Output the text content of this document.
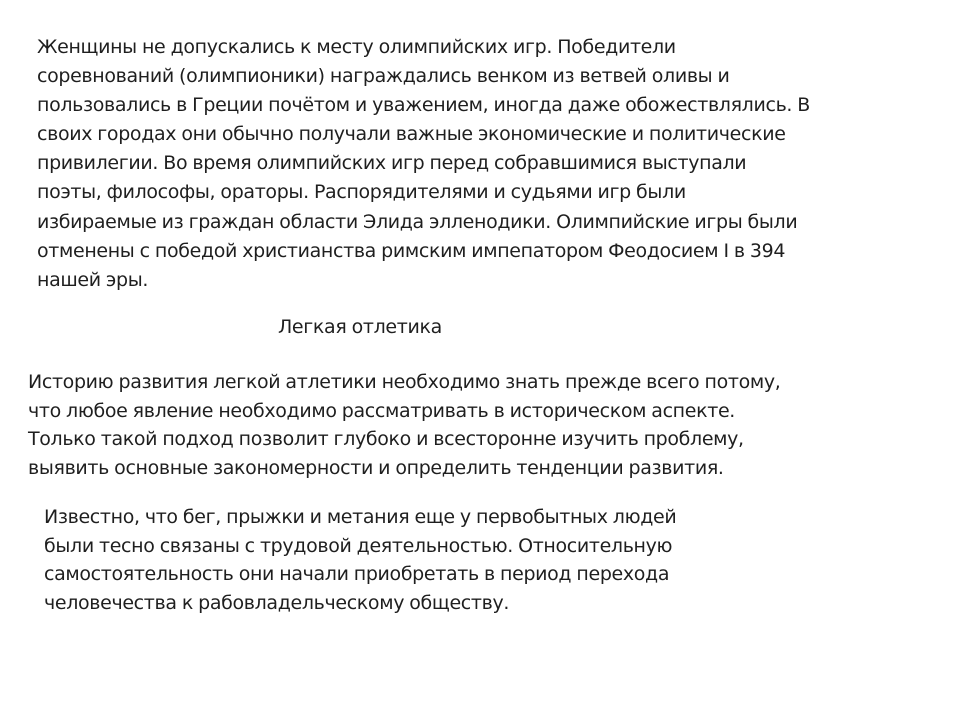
Женщины не допускались к месту олимпийских игр. Победители
соревнований (олимпионики) награждались венком из ветвей оливы и
пользовались в Греции почётом и уважением, иногда даже обожествлялись. В
своих городах они обычно получали важные экономические и политические
привилегии. Во время олимпийских игр перед собравшимися выступали
поэты, философы, ораторы. Распорядителями и судьями игр были
избираемые из граждан области Элида элленодики. Олимпийские игры были
отменены с победой христианства римским импепатором Феодосием I в 394
нашей эры.
Легкая отлетика
Историю развития легкой атлетики необходимо знать прежде всего потому,
что любое явление необходимо рассматривать в историческом аспекте.
Только такой подход позволит глубоко и всесторонне изучить проблему,
выявить основные закономерности и определить тенденции развития.
Известно, что бег, прыжки и метания еще у первобытных людей
были тесно связаны с трудовой деятельностью. Относительную
самостоятельность они начали приобретать в период перехода
человечества к рабовладельческому обществу.
